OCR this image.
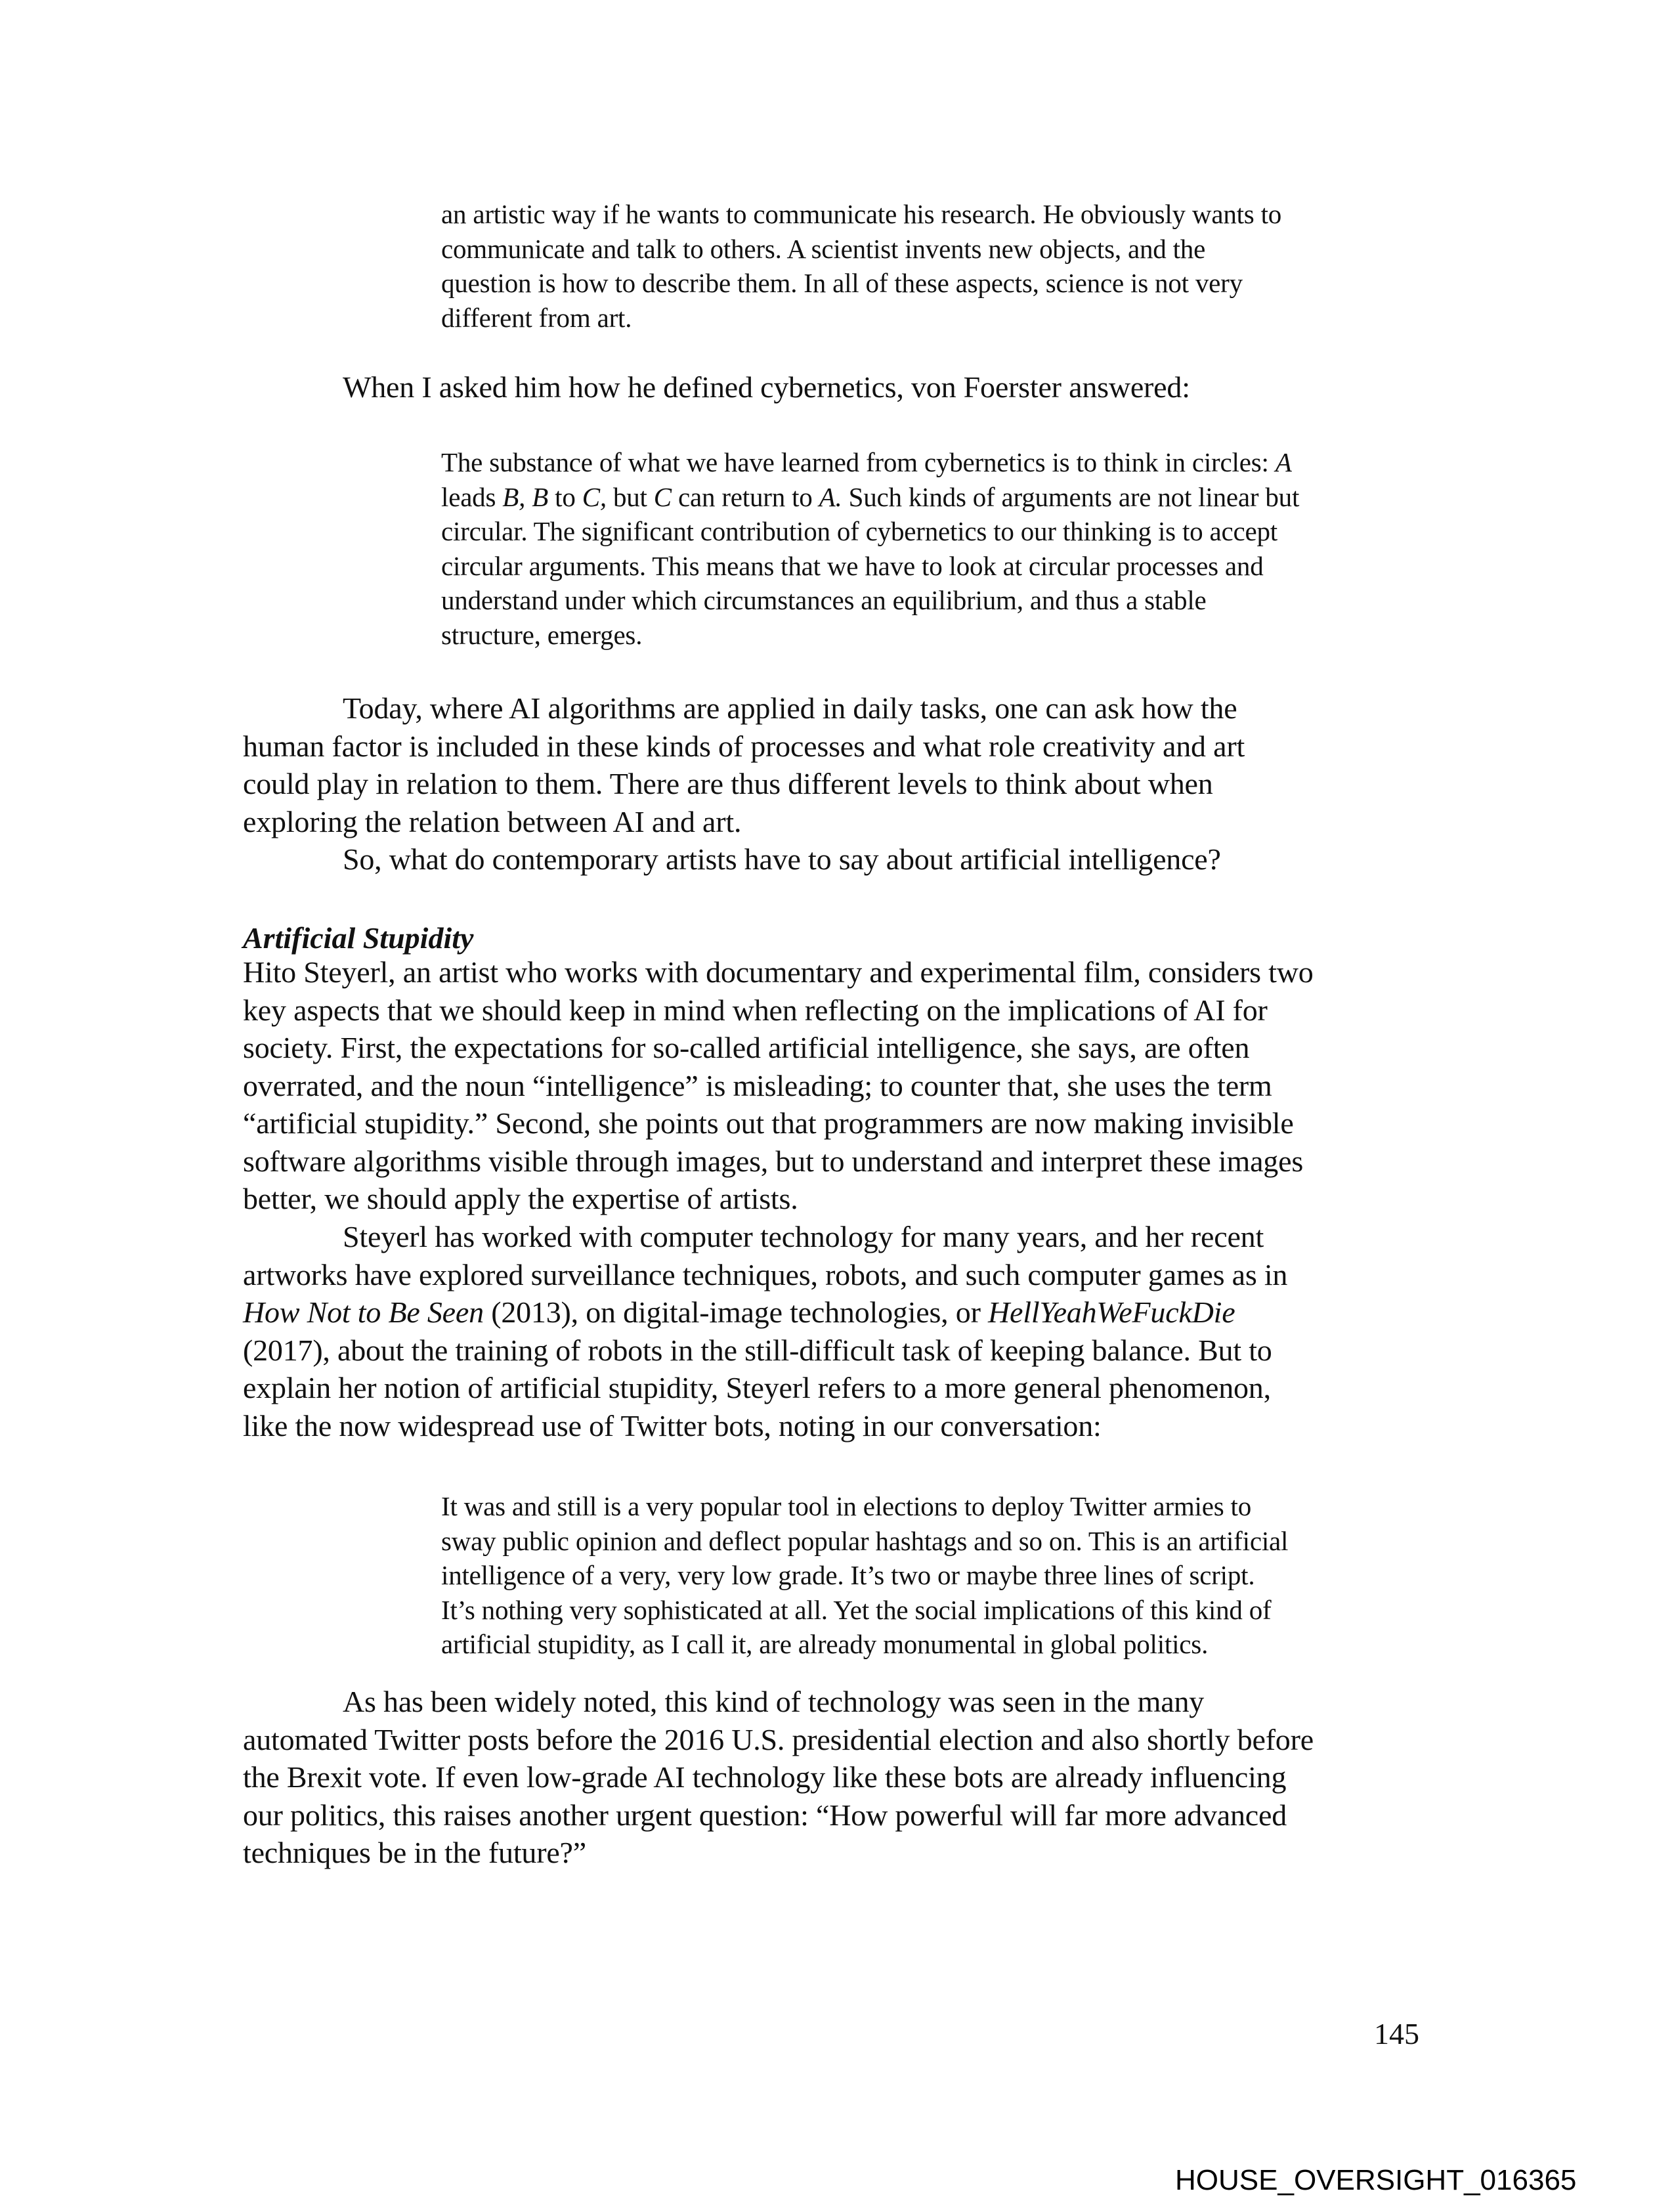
an artistic way if he wants to communicate his research. He obviously wants to
communicate and talk to others. A scientist invents new objects, and the
question is how to describe them. In all of these aspects, science is not very
different from art.
When I asked him how he defined cybernetics, von Foerster answered:
The substance of what we have learned from cybernetics is to think in circles: A
leads B, B to C, but C can return to A. Such kinds of arguments are not linear but
circular. The significant contribution of cybernetics to our thinking is to accept
circular arguments. This means that we have to look at circular processes and
understand under which circumstances an equilibrium, and thus a stable
structure, emerges.
Today, where AI algorithms are applied in daily tasks, one can ask how the
human factor is included in these kinds of processes and what role creativity and art
could play in relation to them. There are thus different levels to think about when
exploring the relation between AI and art.
So, what do contemporary artists have to say about artificial intelligence?
Artificial Stupidity
Hito Steyerl, an artist who works with documentary and experimental film, considers two
key aspects that we should keep in mind when reflecting on the implications of AI for
society. First, the expectations for so-called artificial intelligence, she says, are often
overrated, and the noun “intelligence” is misleading; to counter that, she uses the term
“artificial stupidity.” Second, she points out that programmers are now making invisible
software algorithms visible through images, but to understand and interpret these images
better, we should apply the expertise of artists.
Steyerl has worked with computer technology for many years, and her recent
artworks have explored surveillance techniques, robots, and such computer games as in
How Not to Be Seen (2013), on digital-image technologies, or HellYeahWeFuckDie
(2017), about the training of robots in the still-difficult task of keeping balance. But to
explain her notion of artificial stupidity, Steyerl refers to a more general phenomenon,
like the now widespread use of Twitter bots, noting in our conversation:
It was and still is a very popular tool in elections to deploy Twitter armies to
sway public opinion and deflect popular hashtags and so on. This is an artificial
intelligence of a very, very low grade. It’s two or maybe three lines of script.
It’s nothing very sophisticated at all. Yet the social implications of this kind of
artificial stupidity, as I call it, are already monumental in global politics.
As has been widely noted, this kind of technology was seen in the many
automated Twitter posts before the 2016 U.S. presidential election and also shortly before
the Brexit vote. If even low-grade AI technology like these bots are already influencing
our politics, this raises another urgent question: “How powerful will far more advanced
techniques be in the future?”
145
HOUSE_OVERSIGHT_016365
